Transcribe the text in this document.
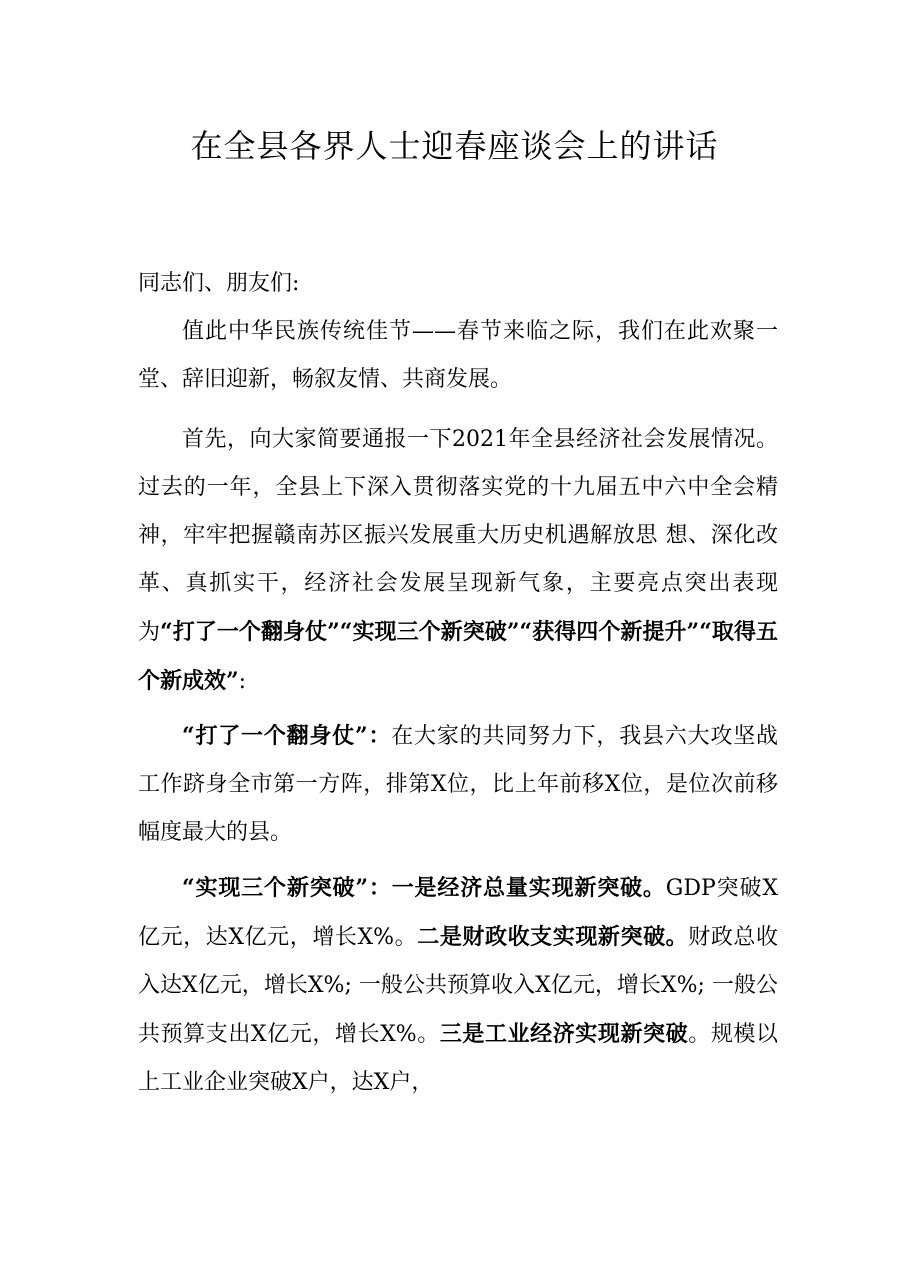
在全县各界人士迎春座谈会上的讲话

同志们、朋友们:

值此中华民族传统佳节——春节来临之际，我们在此欢聚一堂、辞旧迎新，畅叙友情、共商发展。

首先，向大家简要通报一下2021年全县经济社会发展情况。过去的一年，全县上下深入贯彻落实党的十九届五中六中全会精神，牢牢把握赣南苏区振兴发展重大历史机遇解放思 想、深化改革、真抓实干，经济社会发展呈现新气象，主要亮点突出表现为“打了一个翻身仗”“实现三个新突破”“获得四个新提升”“取得五个新成效”:

“打了一个翻身仗”：在大家的共同努力下，我县六大攻坚战工作跻身全市第一方阵，排第X位，比上年前移X位，是位次前移幅度最大的县。

“实现三个新突破”：一是经济总量实现新突破。GDP突破X亿元，达X亿元，增长X%。二是财政收支实现新突破。财政总收入达X亿元，增长X%; 一般公共预算收入X亿元，增长X%; 一般公共预算支出X亿元，增长X%。三是工业经济实现新突破。规模以上工业企业突破X户，达X户，
